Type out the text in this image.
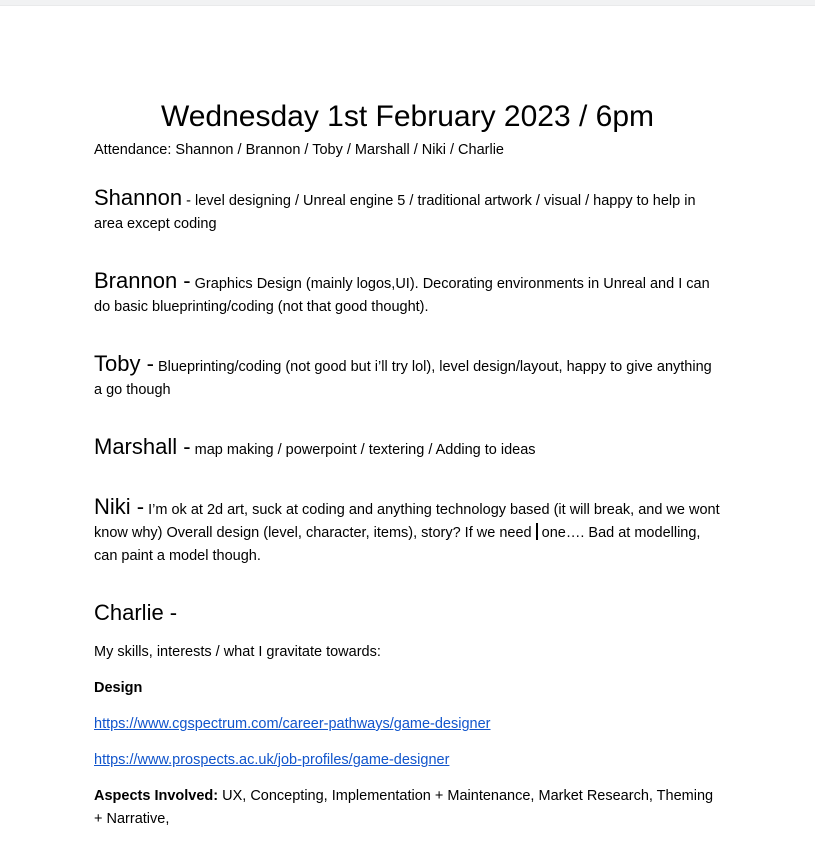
Wednesday 1st February 2023 / 6pm

Attendance: Shannon / Brannon / Toby / Marshall / Niki / Charlie

Shannon - level designing / Unreal engine 5 / traditional artwork / visual / happy to help in area except coding

Brannon - Graphics Design (mainly logos,UI). Decorating environments in Unreal and I can do basic blueprinting/coding (not that good thought).

Toby - Blueprinting/coding (not good but i’ll try lol), level design/layout, happy to give anything a go though

Marshall - map making / powerpoint / textering / Adding to ideas

Niki - I’m ok at 2d art, suck at coding and anything technology based (it will break, and we wont know why) Overall design (level, character, items), story? If we need one…. Bad at modelling, can paint a model though.

Charlie -

My skills, interests / what I gravitate towards:

Design

https://www.cgspectrum.com/career-pathways/game-designer

https://www.prospects.ac.uk/job-profiles/game-designer

Aspects Involved: UX, Concepting, Implementation + Maintenance, Market Research, Theming + Narrative,
